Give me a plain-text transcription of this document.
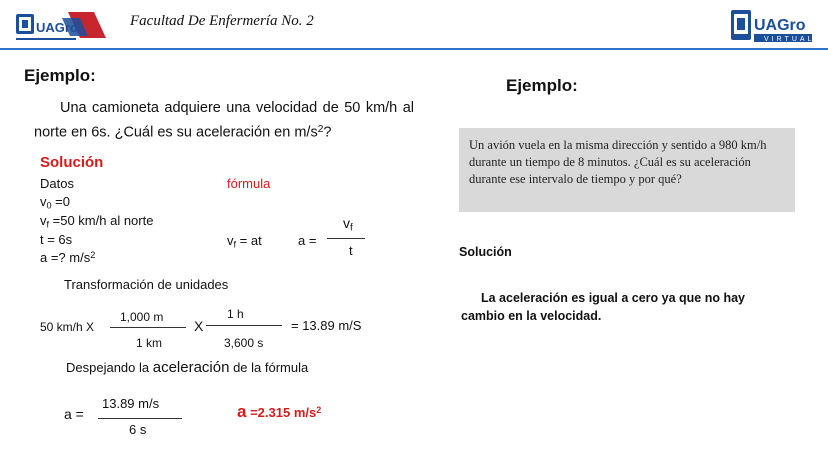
UAGro	Facultad De Enfermería No. 2	UAGro
VIRTUAL
Ejemplo:
Una camioneta adquiere una velocidad de 50 km/h al norte en 6s. ¿Cuál es su aceleración en $m/s^2$?
Solución
Datos	fórmula
$v_0 =0$
$v_f =50$ km/h al norte
t = 6s
a =? $m/s^2$
$v_f$ = at	a =
$v_f$
t
Transformación de unidades
50 km/h X
1,000 m
1 km
X
1 h
3,600 s
= 13.89 m/S
Despejando la aceleración de la fórmula
a =
13.89 m/s
6 s
a =2.315 $m/s^2$
Ejemplo:
Un avión vuela en la misma dirección y sentido a 980 km/h durante un tiempo de 8 minutos. ¿Cuál es su aceleración durante ese intervalo de tiempo y por qué?
Solución
La aceleración es igual a cero ya que no hay cambio en la velocidad.
